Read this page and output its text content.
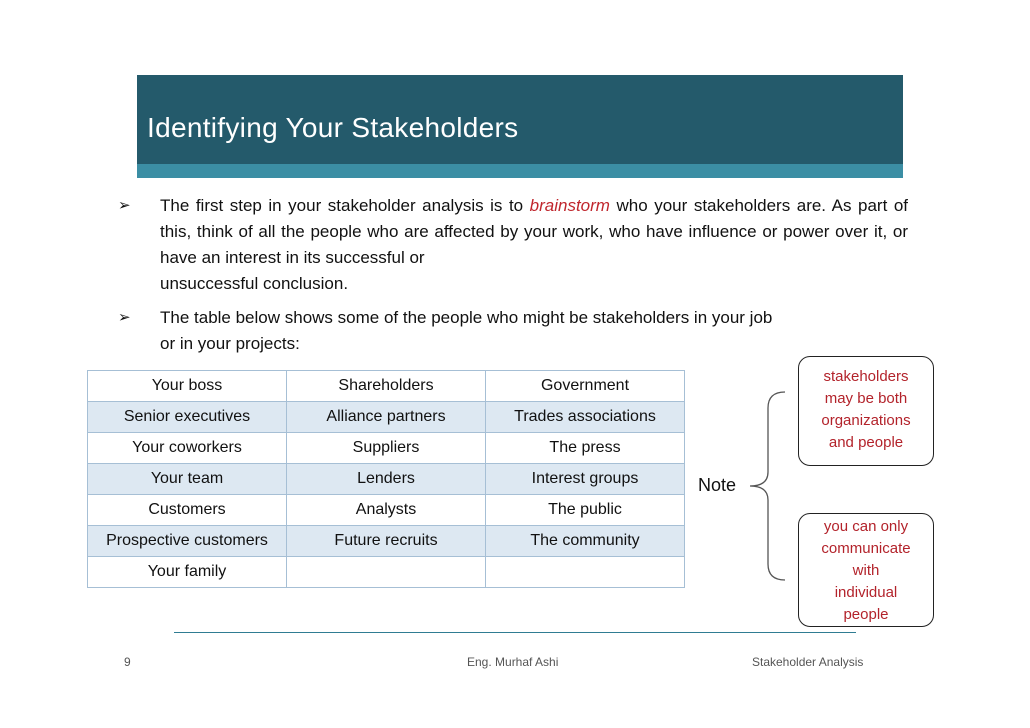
Identifying Your Stakeholders
➢ The first step in your stakeholder analysis is to brainstorm who your stakeholders are. As part of this, think of all the people who are affected by your work, who have influence or power over it, or have an interest in its successful or
unsuccessful conclusion.
➢ The table below shows some of the people who might be stakeholders in your job
or in your projects:
Your boss	Shareholders	Government
Senior executives	Alliance partners	Trades associations
Your coworkers	Suppliers	The press
Your team	Lenders	Interest groups
Customers	Analysts	The public
Prospective customers	Future recruits	The community
Your family		
Note
stakeholders
may be both
organizations
and people
you can only
communicate
with
individual
people
9	Eng. Murhaf Ashi	Stakeholder Analysis
